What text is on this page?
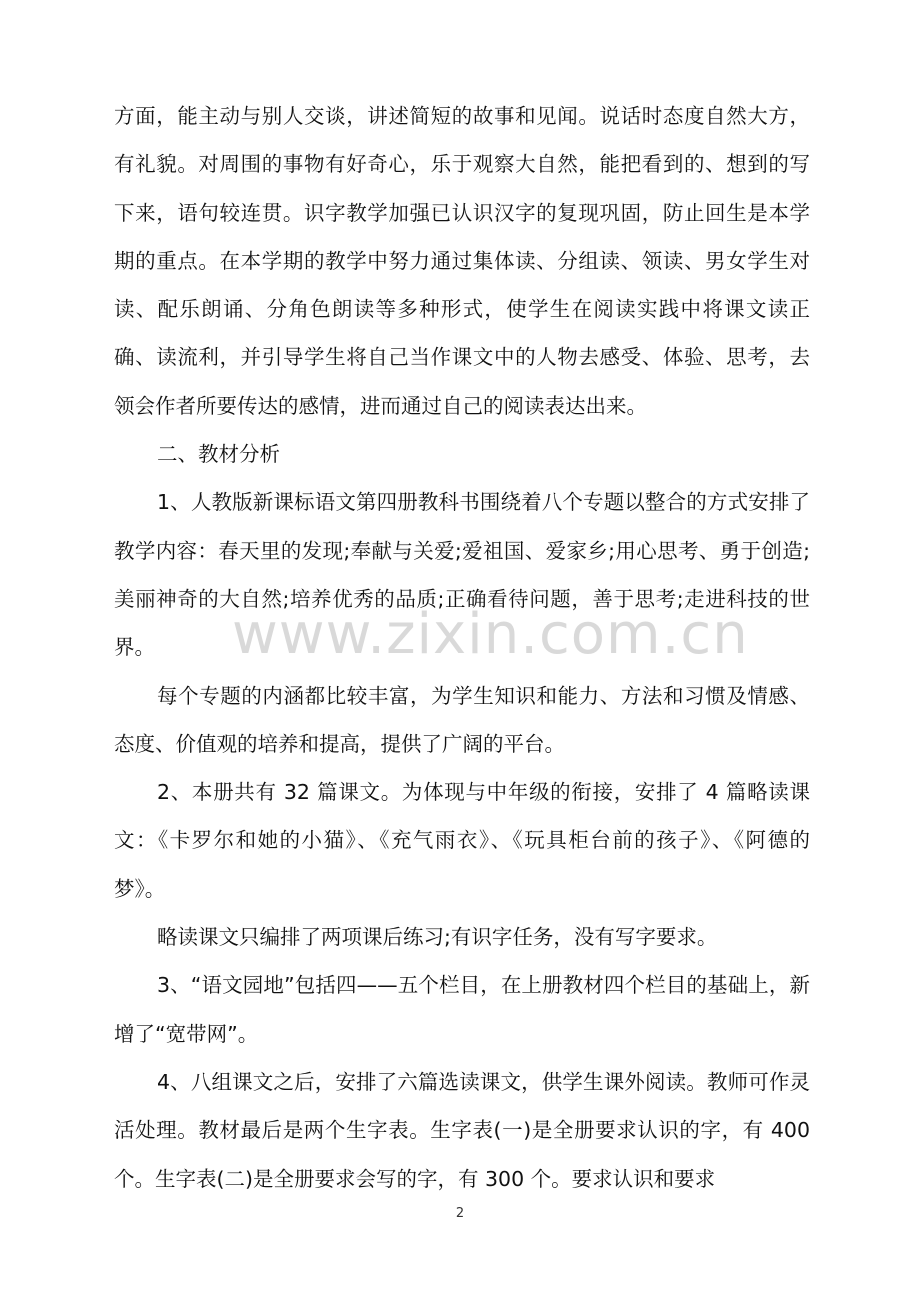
方面，能主动与别人交谈，讲述简短的故事和见闻。说话时态度自然大方，有礼貌。对周围的事物有好奇心，乐于观察大自然，能把看到的、想到的写下来，语句较连贯。识字教学加强已认识汉字的复现巩固，防止回生是本学期的重点。在本学期的教学中努力通过集体读、分组读、领读、男女学生对读、配乐朗诵、分角色朗读等多种形式，使学生在阅读实践中将课文读正确、读流利，并引导学生将自己当作课文中的人物去感受、体验、思考，去领会作者所要传达的感情，进而通过自己的阅读表达出来。

二、教材分析

1、人教版新课标语文第四册教科书围绕着八个专题以整合的方式安排了教学内容：春天里的发现;奉献与关爱;爱祖国、爱家乡;用心思考、勇于创造;美丽神奇的大自然;培养优秀的品质;正确看待问题，善于思考;走进科技的世界。

每个专题的内涵都比较丰富，为学生知识和能力、方法和习惯及情感、态度、价值观的培养和提高，提供了广阔的平台。

2、本册共有 32 篇课文。为体现与中年级的衔接，安排了 4 篇略读课文：《卡罗尔和她的小猫》、《充气雨衣》、《玩具柜台前的孩子》、《阿德的梦》。

略读课文只编排了两项课后练习;有识字任务，没有写字要求。

3、“语文园地”包括四——五个栏目，在上册教材四个栏目的基础上，新增了“宽带网”。

4、八组课文之后，安排了六篇选读课文，供学生课外阅读。教师可作灵活处理。教材最后是两个生字表。生字表(一)是全册要求认识的字，有 400 个。生字表(二)是全册要求会写的字，有 300 个。要求认识和要求

www.zixin.com.cn
2
